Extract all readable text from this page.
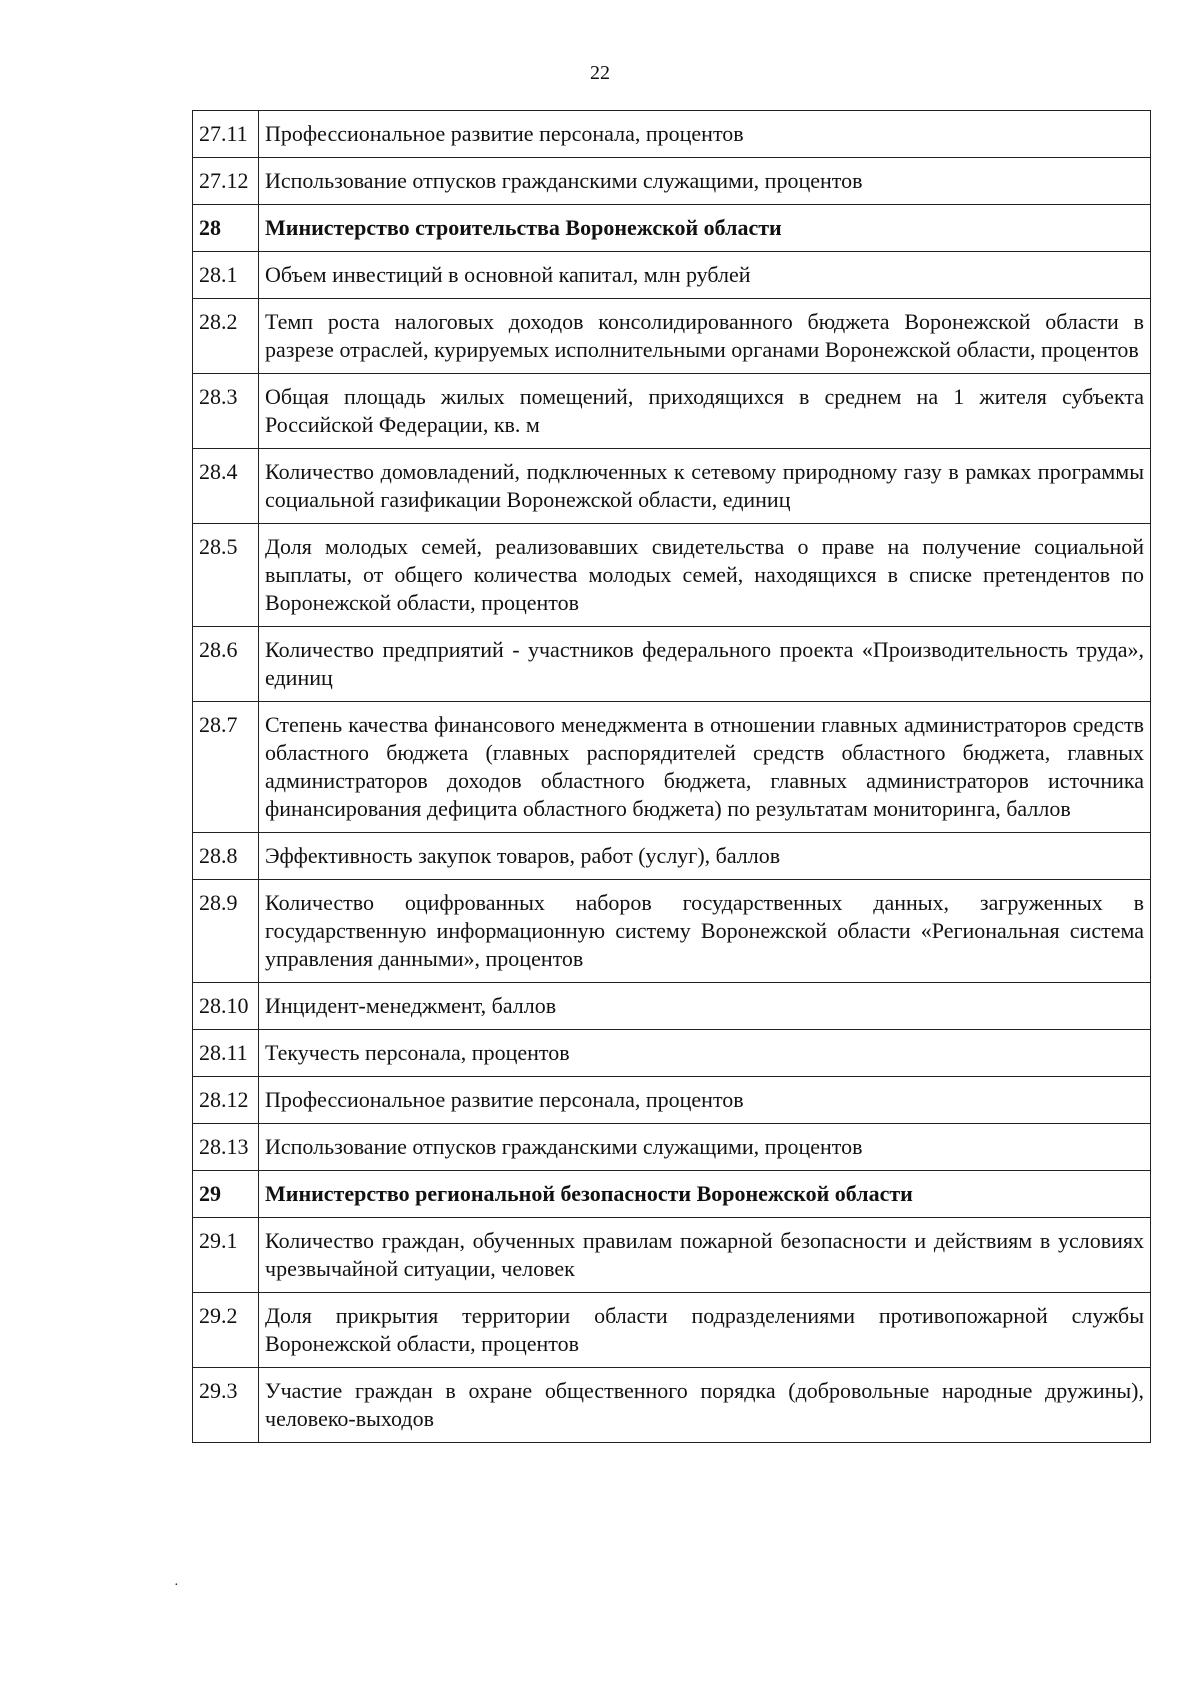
22
27.11	Профессиональное развитие персонала, процентов
27.12	Использование отпусков гражданскими служащими, процентов
28	Министерство строительства Воронежской области
28.1	Объем инвестиций в основной капитал, млн рублей
28.2	Темп роста налоговых доходов консолидированного бюджета Воронежской области в разрезе отраслей, курируемых исполнительными органами Воронежской области, процентов
28.3	Общая площадь жилых помещений, приходящихся в среднем на 1 жителя субъекта Российской Федерации, кв. м
28.4	Количество домовладений, подключенных к сетевому природному газу в рамках программы социальной газификации Воронежской области, единиц
28.5	Доля молодых семей, реализовавших свидетельства о праве на получение социальной выплаты, от общего количества молодых семей, находящихся в списке претендентов по Воронежской области, процентов
28.6	Количество предприятий - участников федерального проекта «Производительность труда», единиц
28.7	Степень качества финансового менеджмента в отношении главных администраторов средств областного бюджета (главных распорядителей средств областного бюджета, главных администраторов доходов областного бюджета, главных администраторов источника финансирования дефицита областного бюджета) по результатам мониторинга, баллов
28.8	Эффективность закупок товаров, работ (услуг), баллов
28.9	Количество оцифрованных наборов государственных данных, загруженных в государственную информационную систему Воронежской области «Региональная система управления данными», процентов
28.10	Инцидент-менеджмент, баллов
28.11	Текучесть персонала, процентов
28.12	Профессиональное развитие персонала, процентов
28.13	Использование отпусков гражданскими служащими, процентов
29	Министерство региональной безопасности Воронежской области
29.1	Количество граждан, обученных правилам пожарной безопасности и действиям в условиях чрезвычайной ситуации, человек
29.2	Доля прикрытия территории области подразделениями противопожарной службы Воронежской области, процентов
29.3	Участие граждан в охране общественного порядка (добровольные народные дружины), человеко-выходов
·
